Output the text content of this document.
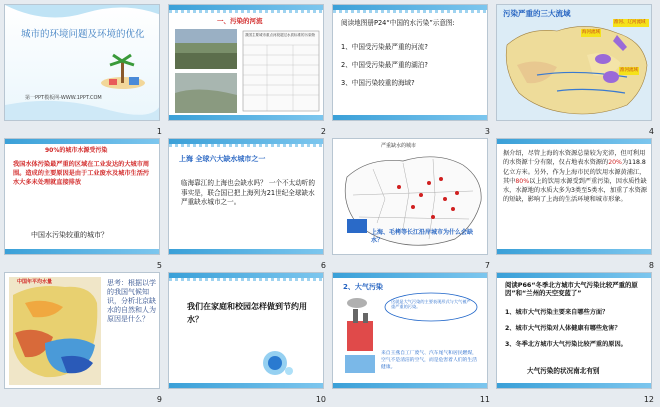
城市的环境问题及环境的优化
第一PPT模板网-WWW.1PPT.COM
1
一、污染的河流
我国主要城市重点河段超过水质标准的污染物
2
阅读地图册P24“中国的水污染”示意图:
1、中国受污染最严重的河流?
2、中国受污染最严重的湖泊?
3、中国污染较重的海域?
3
污染严重的三大流域
海河流域
淮河、辽河流域
淮河流域
4
90%的城市水源受污染
我国水体污染最严重的区域在工业发达的大城市周围。造成的主要原因是由于工业废水及城市生活污水大多未处理就直接排放
中国水污染较重的城市？
5
上海 全球六大缺水城市之一
临海靠江的上海也会缺水吗？ 一个不太动听的事实是，联合国已把上海列为21世纪全球缺水严重缺水城市之一。
6
严重缺水的城市
上海、毛栲等长江沿岸城市为什么会缺水？
7
据介绍，尽管上海的水资源总量较为充沛，但可利用的水资源十分有限，仅占地表水资源的20%为118.8亿立方米。另外，作为上海市民的饮用水源黄浦江，其中80%以上的饮用水源受到严重污染，因水质性缺水，水源地的水质大多为3类至5类水，加重了水资源的短缺，影响了上海的生活环境和城市形象。
8
中国年平均水量	思考：根据以学的我国气候知识，分析北京缺水的自然和人为原因是什么？
9
我们在家庭和校园怎样做到节约用水？
10
2、大气污染
这就是大气污染的主要表现形式与大气被严重严重的污染。
来自王燕自工厂废气、汽车尾气和居民燃煤，空气不是清洁的空气，而是危害着人们的生活健康。
11
阅读P66“冬季北方城市大气污染比较严重的原因”和“兰州的天空变蓝了”
1、城市大气污染主要来自哪些方面？
2、城市大气污染对人体健康有哪些危害？
3、冬季北方城市大气污染比较严重的原因。
大气污染的状况南北有别
12
